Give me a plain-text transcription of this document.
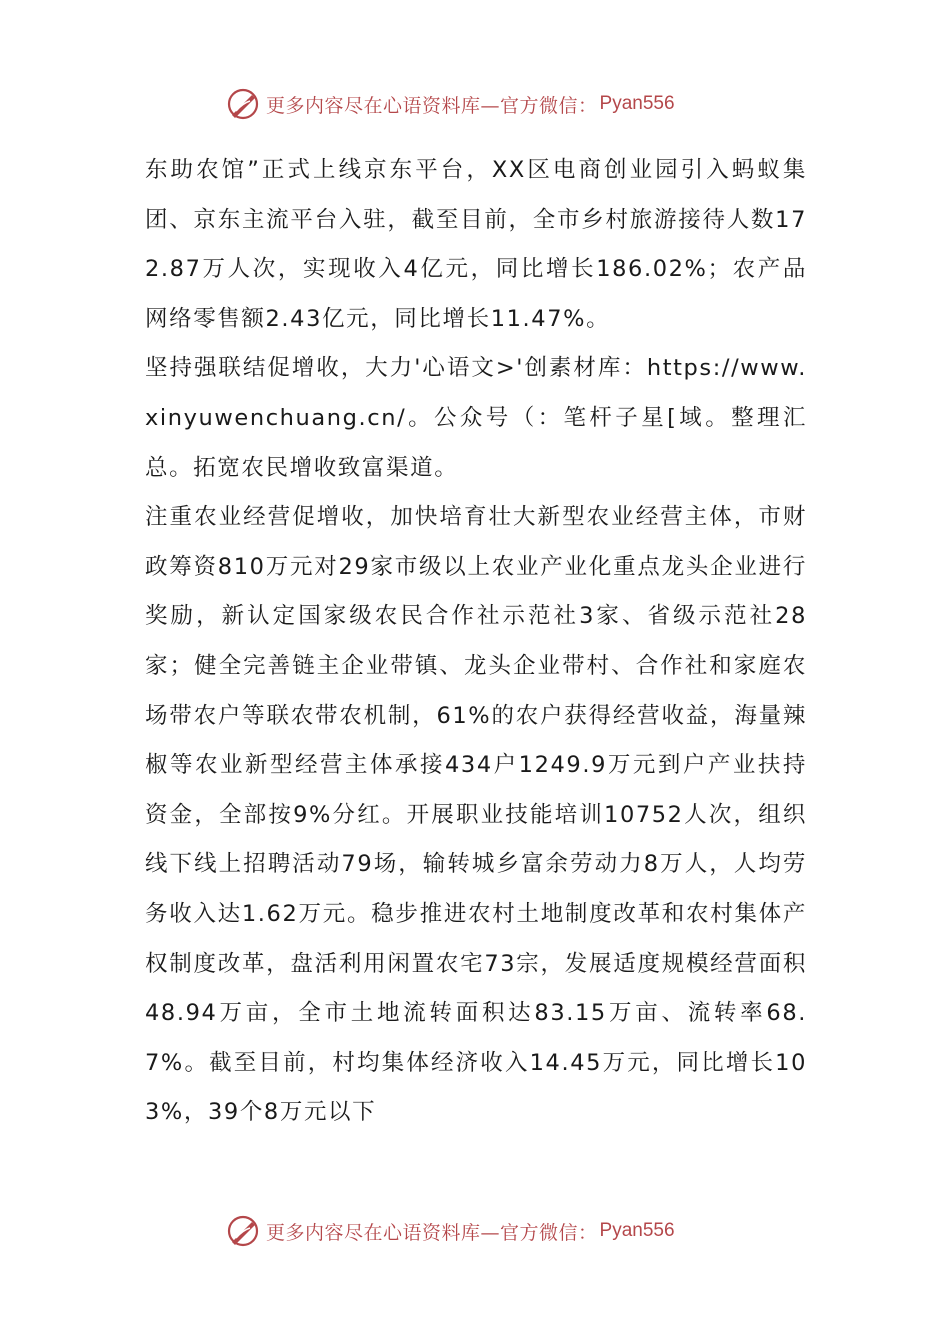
更多内容尽在心语资料库—官方微信： Pyan556

东助农馆”正式上线京东平台，XX区电商创业园引入蚂蚁集团、京东主流平台入驻，截至目前，全市乡村旅游接待人数172.87万人次，实现收入4亿元，同比增长186.02%；农产品网络零售额2.43亿元，同比增长11.47%。

坚持强联结促增收，大力'心语文>'创素材库：https://www.xinyuwenchuang.cn/。公众号（：笔杆子星[域。整理汇总。拓宽农民增收致富渠道。

注重农业经营促增收，加快培育壮大新型农业经营主体，市财政筹资810万元对29家市级以上农业产业化重点龙头企业进行奖励，新认定国家级农民合作社示范社3家、省级示范社28家；健全完善链主企业带镇、龙头企业带村、合作社和家庭农场带农户等联农带农机制，61%的农户获得经营收益，海量辣椒等农业新型经营主体承接434户1249.9万元到户产业扶持资金，全部按9%分红。开展职业技能培训10752人次，组织线下线上招聘活动79场，输转城乡富余劳动力8万人，人均劳务收入达1.62万元。稳步推进农村土地制度改革和农村集体产权制度改革，盘活利用闲置农宅73宗，发展适度规模经营面积48.94万亩，全市土地流转面积达83.15万亩、流转率68.7%。截至目前，村均集体经济收入14.45万元，同比增长103%，39个8万元以下

更多内容尽在心语资料库—官方微信： Pyan556
